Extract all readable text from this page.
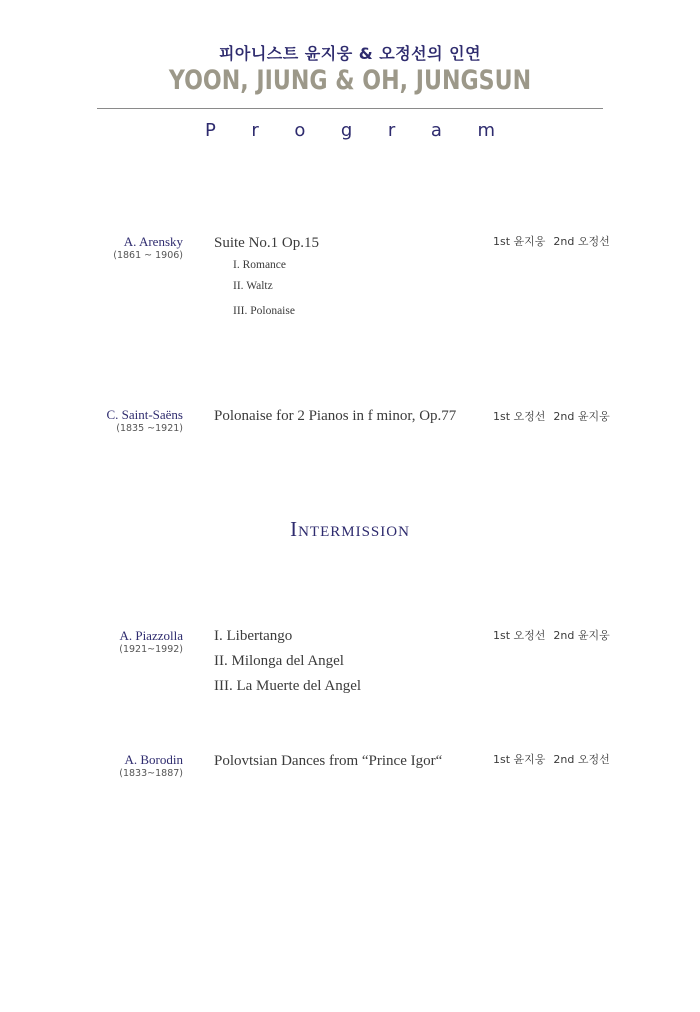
피아니스트 윤지웅 & 오정선의 인연
YOON, JIUNG & OH, JUNGSUN
P r o g r a m
A. Arensky
(1861 ~ 1906)
Suite No.1 Op.15
I. Romance
II. Waltz
III. Polonaise
1st 윤지웅 2nd 오정선
C. Saint-Saëns
(1835 ~1921)
Polonaise for 2 Pianos in f minor, Op.77	1st 오정선 2nd 윤지웅
Intermission
A. Piazzolla
(1921~1992)
I. Libertango
II. Milonga del Angel
III. La Muerte del Angel
1st 오정선 2nd 윤지웅
A. Borodin
(1833~1887)
Polovtsian Dances from “Prince Igor“	1st 윤지웅 2nd 오정선
